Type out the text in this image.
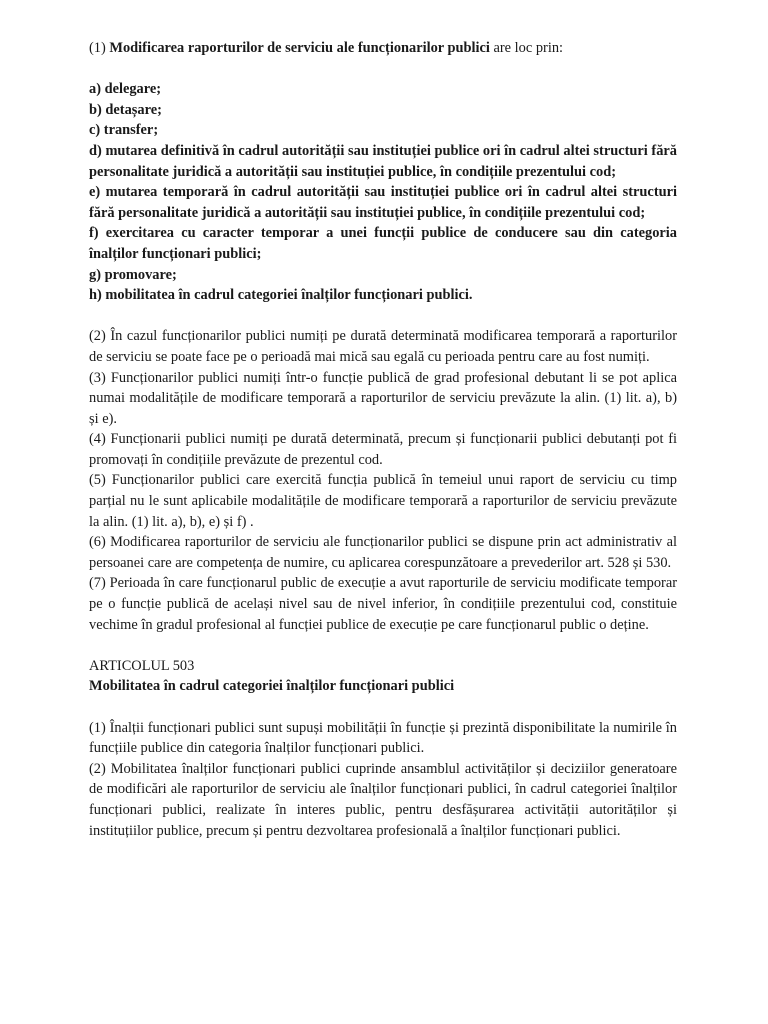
(1) Modificarea raporturilor de serviciu ale funcționarilor publici are loc prin:

a) delegare;

b) detașare;

c) transfer;

d) mutarea definitivă în cadrul autorității sau instituției publice ori în cadrul altei structuri fără personalitate juridică a autorității sau instituției publice, în condițiile prezentului cod;

e) mutarea temporară în cadrul autorității sau instituției publice ori în cadrul altei structuri fără personalitate juridică a autorității sau instituției publice, în condițiile prezentului cod;

f) exercitarea cu caracter temporar a unei funcții publice de conducere sau din categoria înalților funcționari publici;

g) promovare;

h) mobilitatea în cadrul categoriei înalților funcționari publici.

(2) În cazul funcționarilor publici numiți pe durată determinată modificarea temporară a raporturilor de serviciu se poate face pe o perioadă mai mică sau egală cu perioada pentru care au fost numiți.

(3) Funcționarilor publici numiți într-o funcție publică de grad profesional debutant li se pot aplica numai modalitățile de modificare temporară a raporturilor de serviciu prevăzute la alin. (1) lit. a), b) și e).

(4) Funcționarii publici numiți pe durată determinată, precum și funcționarii publici debutanți pot fi promovați în condițiile prevăzute de prezentul cod.

(5) Funcționarilor publici care exercită funcția publică în temeiul unui raport de serviciu cu timp parțial nu le sunt aplicabile modalitățile de modificare temporară a raporturilor de serviciu prevăzute la alin. (1) lit. a), b), e) și f) .

(6) Modificarea raporturilor de serviciu ale funcționarilor publici se dispune prin act administrativ al persoanei care are competența de numire, cu aplicarea corespunzătoare a prevederilor art. 528 și 530.

(7) Perioada în care funcționarul public de execuție a avut raporturile de serviciu modificate temporar pe o funcție publică de același nivel sau de nivel inferior, în condițiile prezentului cod, constituie vechime în gradul profesional al funcției publice de execuție pe care funcționarul public o deține.

ARTICOLUL 503

Mobilitatea în cadrul categoriei înalților funcționari publici

(1) Înalții funcționari publici sunt supuși mobilității în funcție și prezintă disponibilitate la numirile în funcțiile publice din categoria înalților funcționari publici.

(2) Mobilitatea înalților funcționari publici cuprinde ansamblul activităților și deciziilor generatoare de modificări ale raporturilor de serviciu ale înalților funcționari publici, în cadrul categoriei înalților funcționari publici, realizate în interes public, pentru desfășurarea activității autorităților și instituțiilor publice, precum și pentru dezvoltarea profesională a înalților funcționari publici.
